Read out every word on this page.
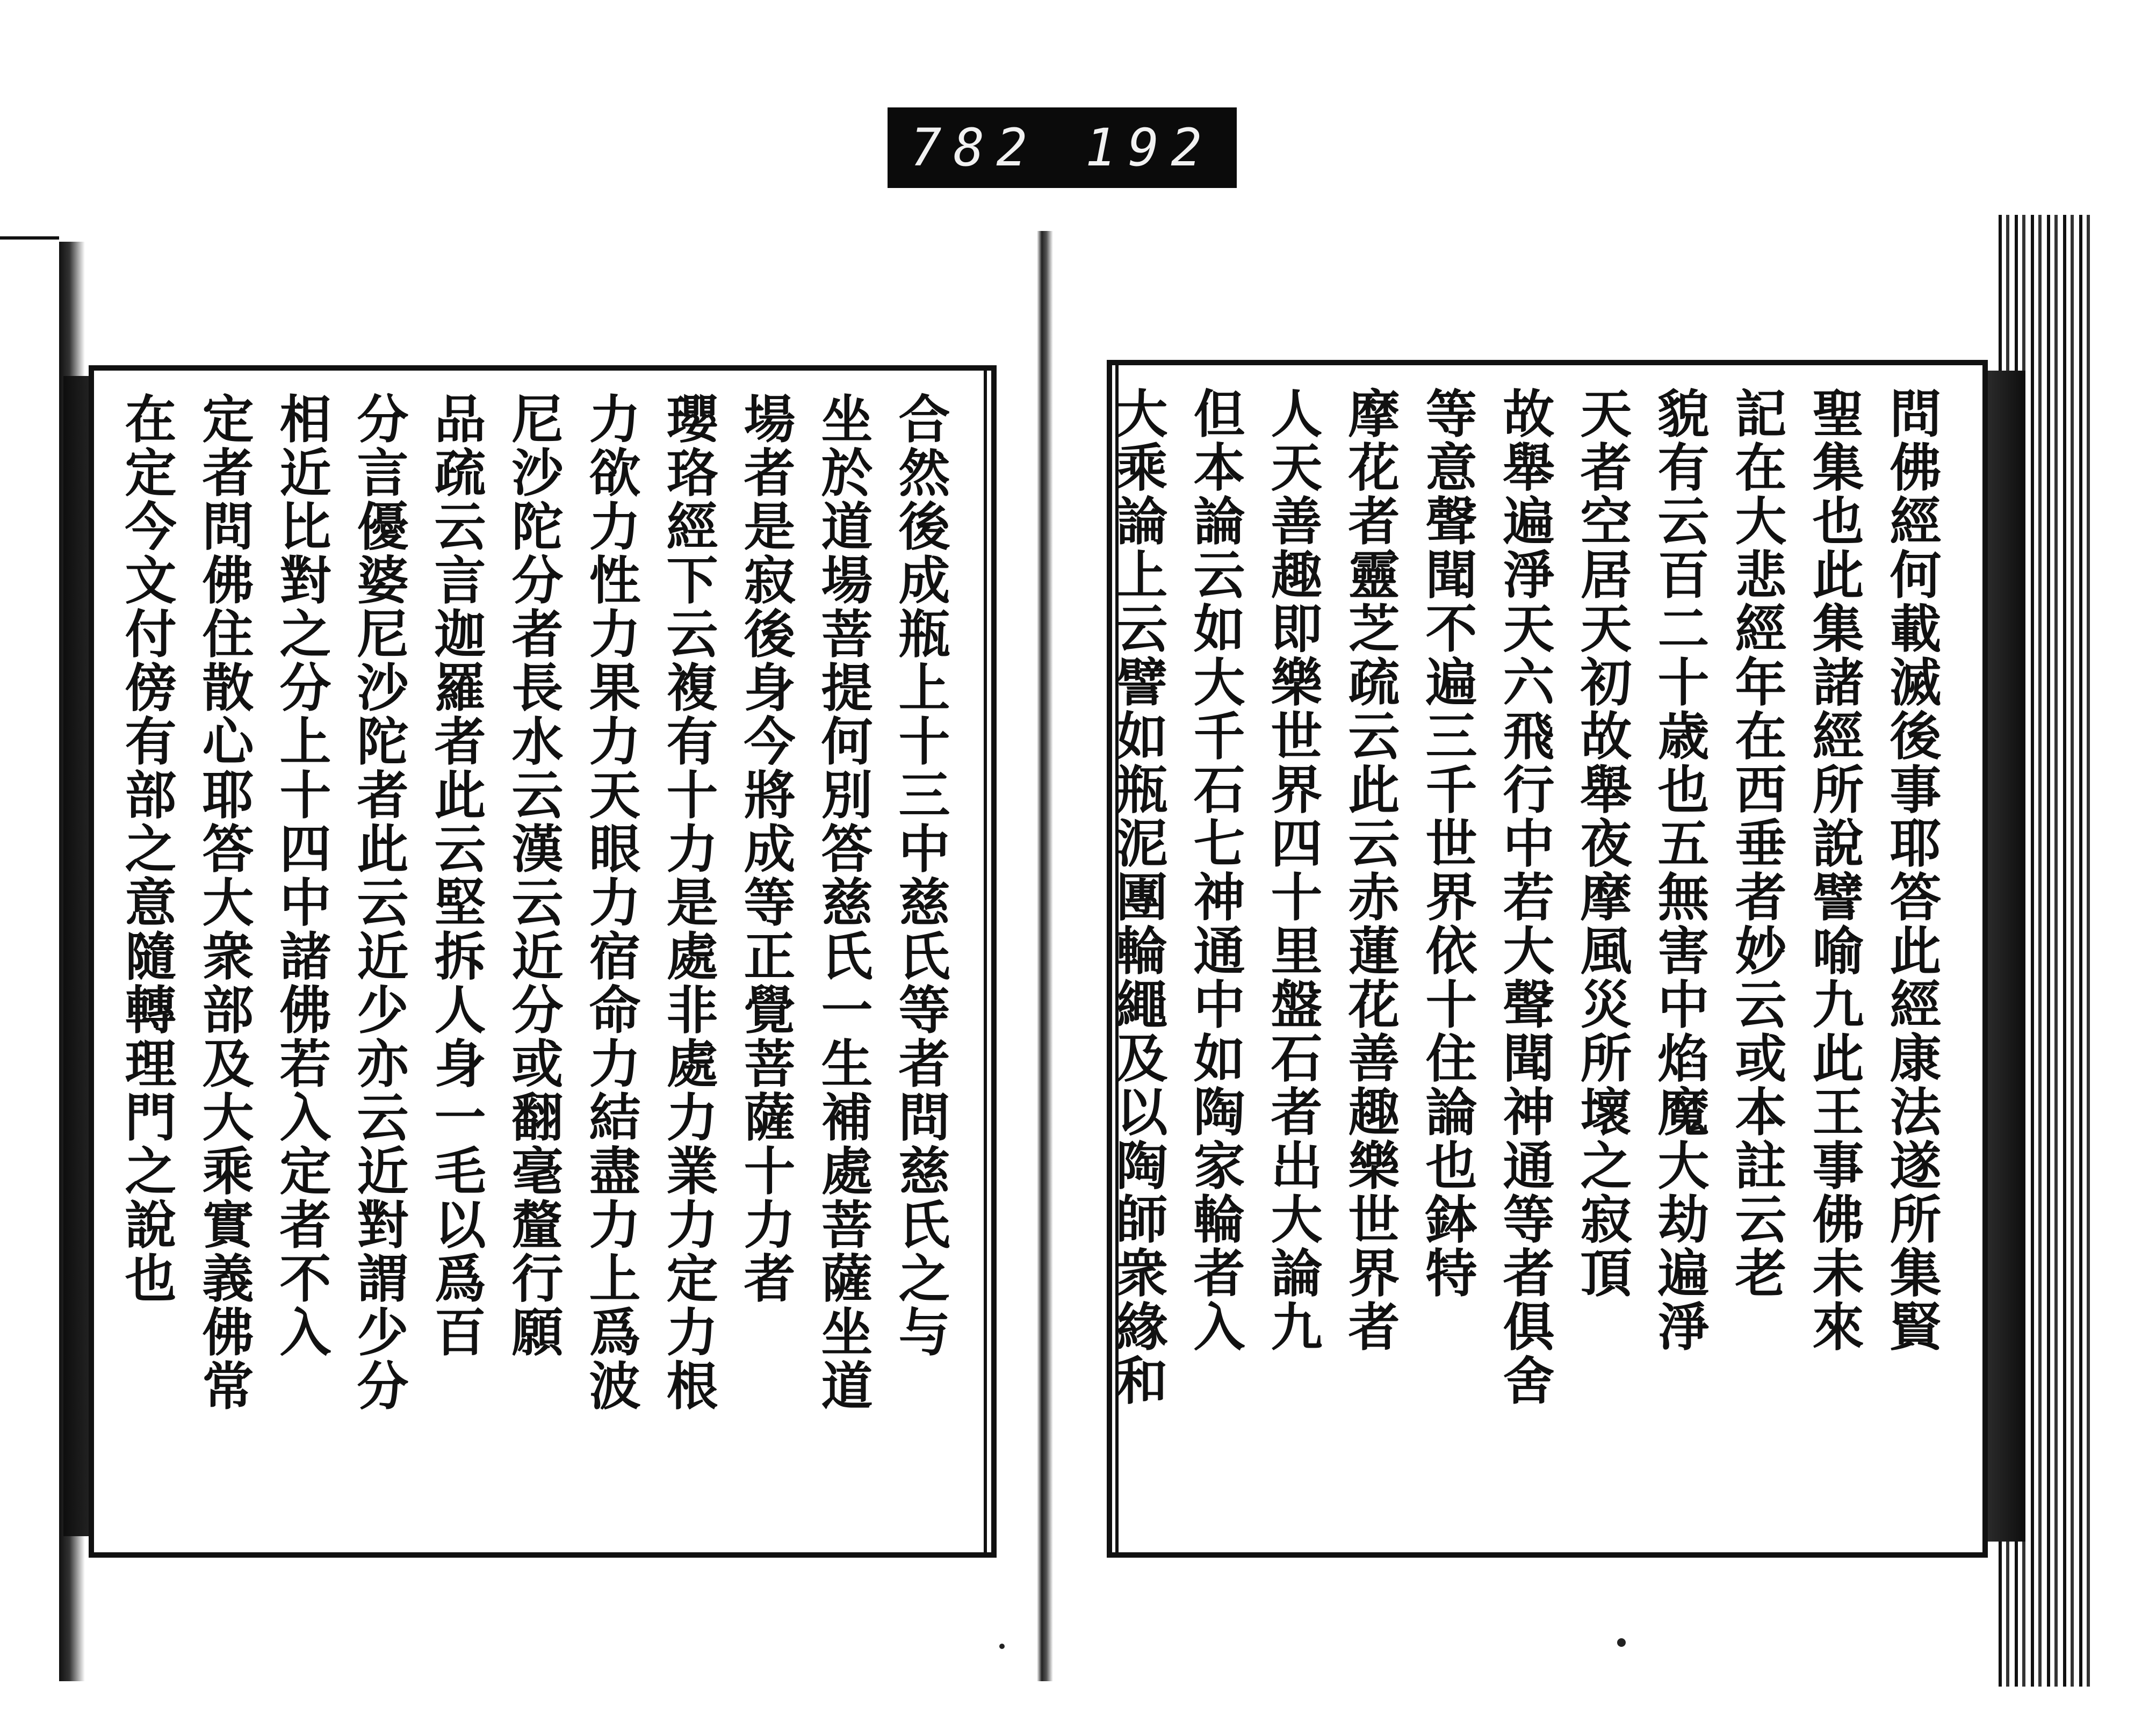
782 192
合然後成瓶上十三中慈氏等者問慈氏之与
坐於道場菩提何別答慈氏一生補處菩薩坐道
場者是寂後身今將成等正覺菩薩十力者
瓔珞經下云複有十力是處非處力業力定力根
力欲力性力果力天眼力宿命力結盡力上爲波
尼沙陀分者長水云漢云近分或翻毫釐行願
品疏云言迦羅者此云堅拆人身一毛以爲百
分言優婆尼沙陀者此云近少亦云近對謂少分
相近比對之分上十四中諸佛若入定者不入
定者問佛住散心耶答大衆部及大乘實義佛常
在定今文付傍有部之意隨轉理門之說也	問佛經何載滅後事耶答此經康法遂所集賢
聖集也此集諸經所說譬喻九此王事佛未來
記在大悲經年在西垂者妙云或本註云老
貌有云百二十歳也五無害中焰魔大劫遍淨
天者空居天初故舉夜摩風災所壞之寂頂
故舉遍淨天六飛行中若大聲聞神通等者俱舍
等意聲聞不遍三千世界依十住論也鉢特
摩花者靈芝疏云此云赤蓮花善趣樂世界者
人天善趣即樂世界四十里盤石者出大論九
但本論云如大千石七神通中如陶家輪者入
大乘論上云譬如瓶泥團輪繩及以陶師衆緣和
